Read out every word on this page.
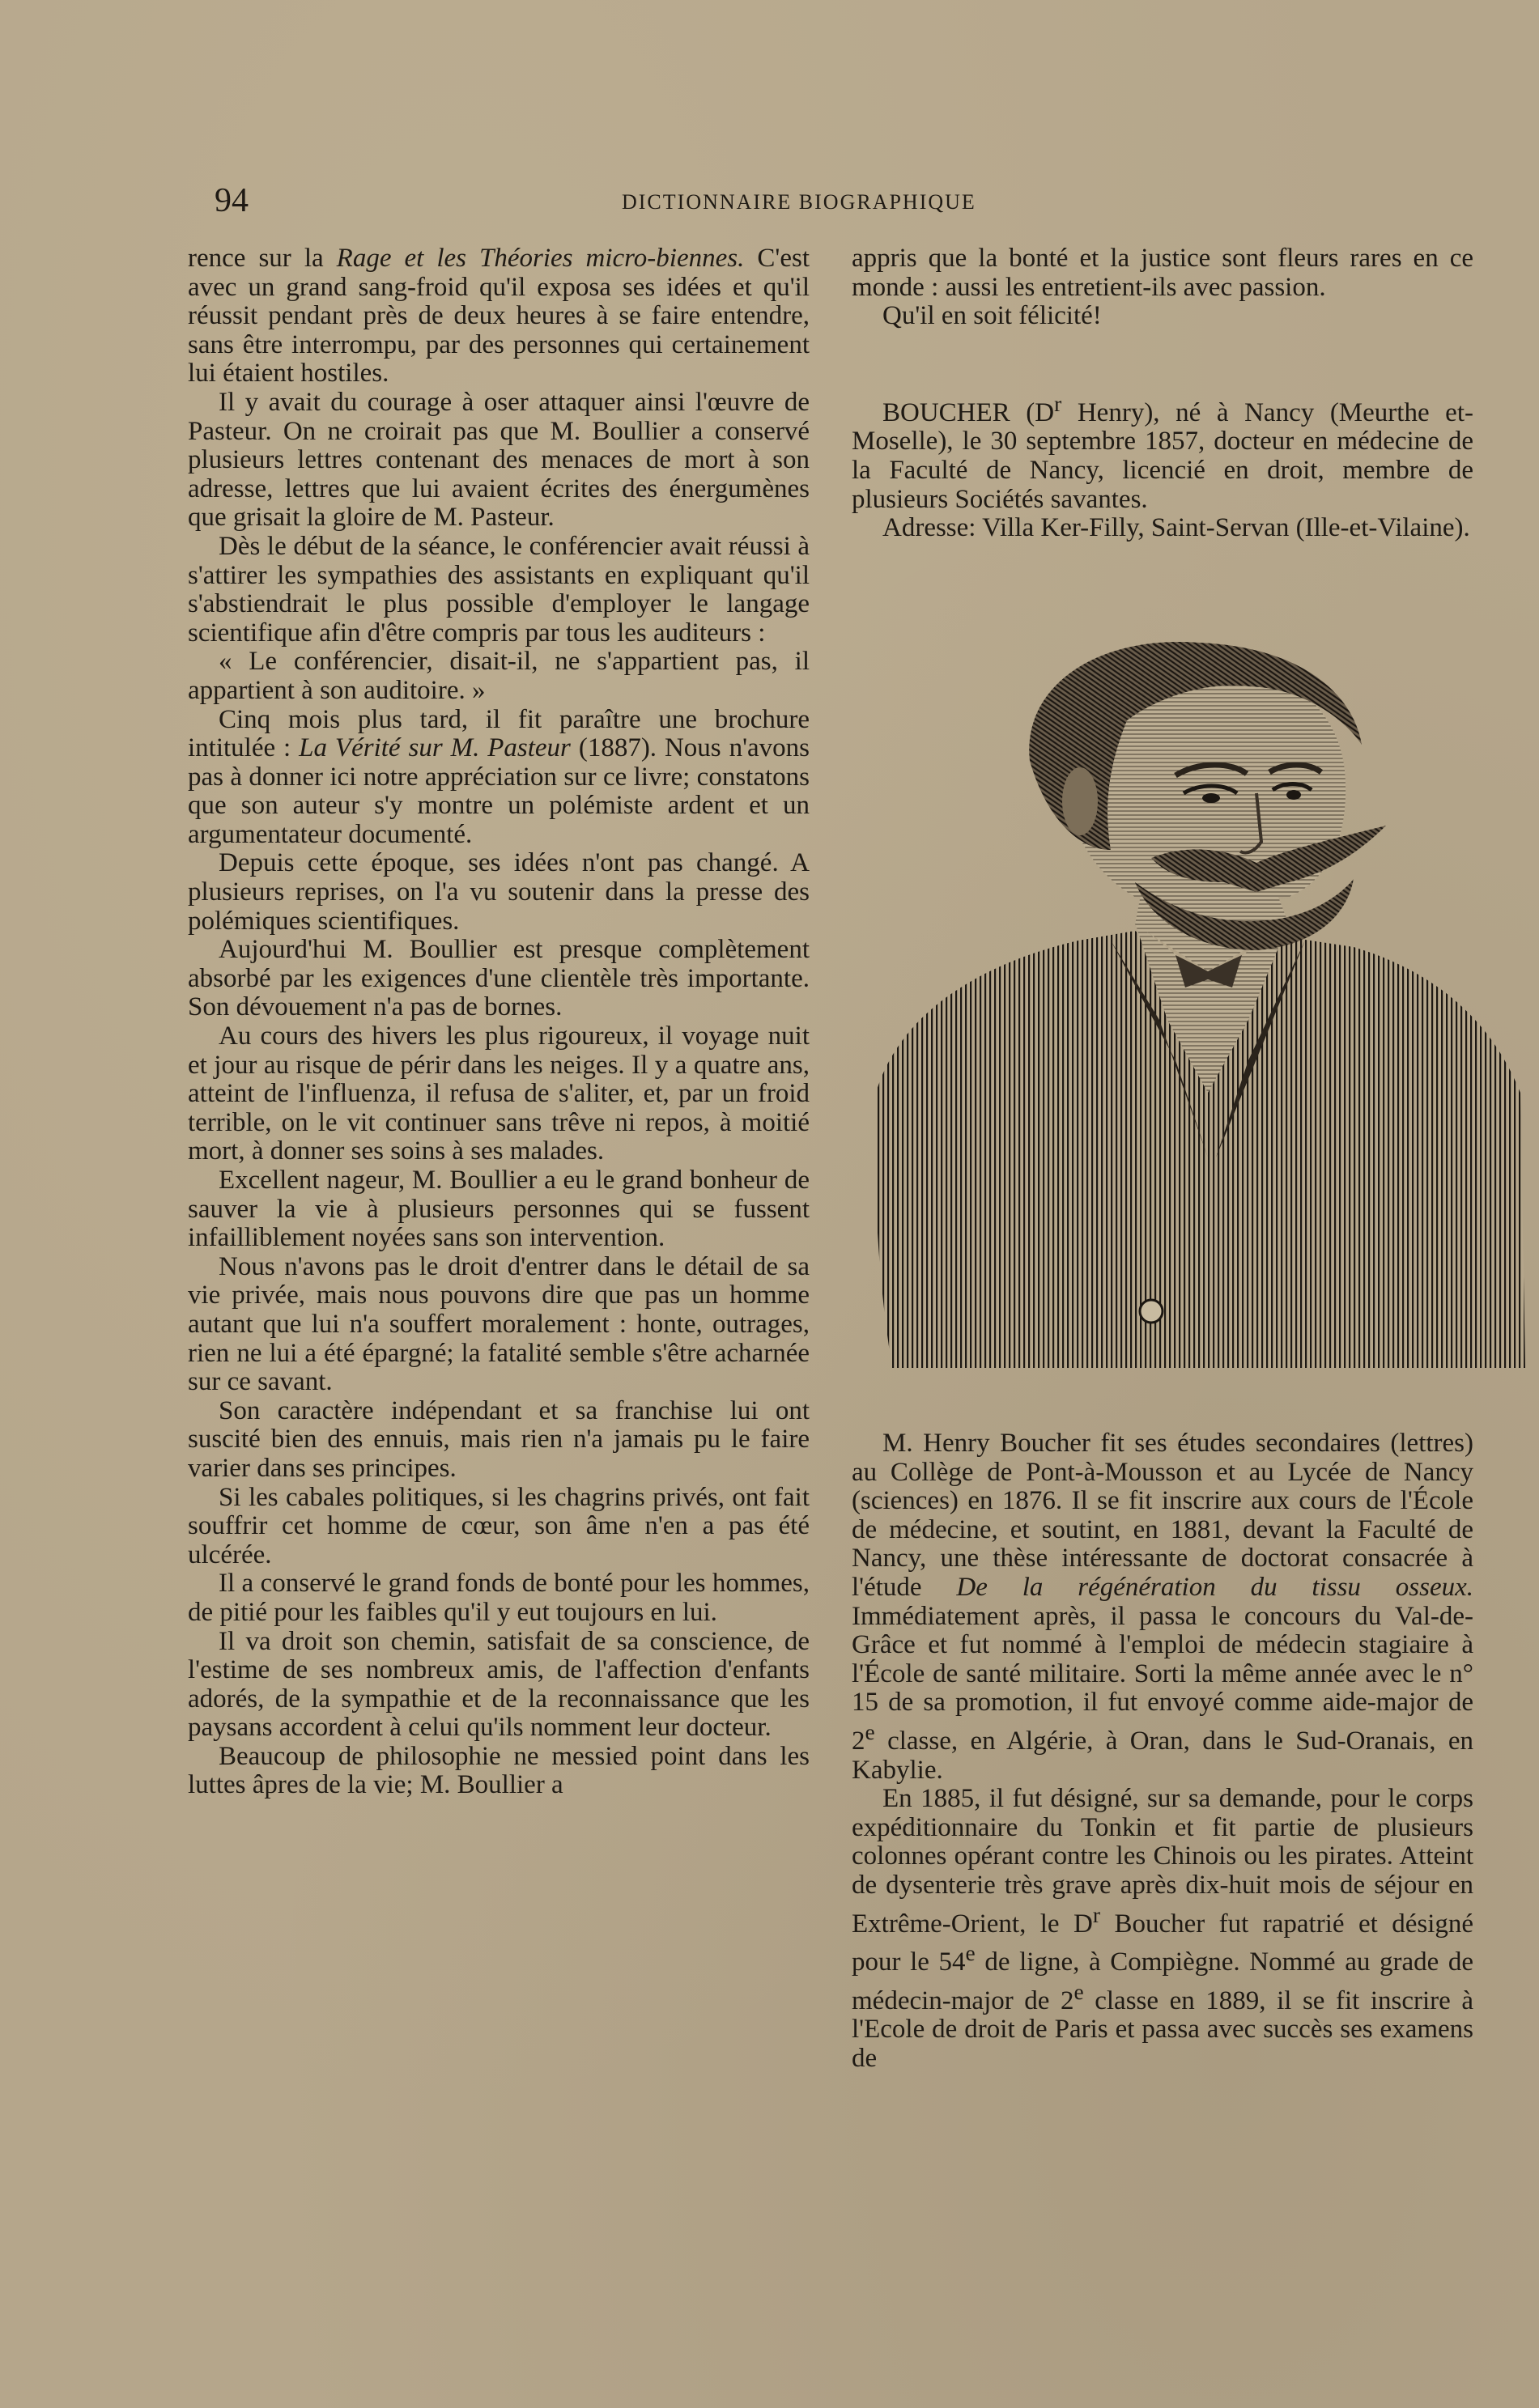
94	DICTIONNAIRE BIOGRAPHIQUE

rence sur la Rage et les Théories micro-biennes. C'est avec un grand sang-froid qu'il exposa ses idées et qu'il réussit pendant près de deux heures à se faire entendre, sans être interrompu, par des personnes qui certainement lui étaient hostiles.

Il y avait du courage à oser attaquer ainsi l'œuvre de Pasteur. On ne croirait pas que M. Boullier a conservé plusieurs lettres contenant des menaces de mort à son adresse, lettres que lui avaient écrites des énergumènes que grisait la gloire de M. Pasteur.

Dès le début de la séance, le conférencier avait réussi à s'attirer les sympathies des assistants en expliquant qu'il s'abstiendrait le plus possible d'employer le langage scientifique afin d'être compris par tous les auditeurs :

« Le conférencier, disait-il, ne s'appartient pas, il appartient à son auditoire. »

Cinq mois plus tard, il fit paraître une brochure intitulée : La Vérité sur M. Pasteur (1887). Nous n'avons pas à donner ici notre appréciation sur ce livre; constatons que son auteur s'y montre un polémiste ardent et un argumentateur documenté.

Depuis cette époque, ses idées n'ont pas changé. A plusieurs reprises, on l'a vu soutenir dans la presse des polémiques scientifiques.

Aujourd'hui M. Boullier est presque complètement absorbé par les exigences d'une clientèle très importante. Son dévouement n'a pas de bornes.

Au cours des hivers les plus rigoureux, il voyage nuit et jour au risque de périr dans les neiges. Il y a quatre ans, atteint de l'influenza, il refusa de s'aliter, et, par un froid terrible, on le vit continuer sans trêve ni repos, à moitié mort, à donner ses soins à ses malades.

Excellent nageur, M. Boullier a eu le grand bonheur de sauver la vie à plusieurs personnes qui se fussent infailliblement noyées sans son intervention.

Nous n'avons pas le droit d'entrer dans le détail de sa vie privée, mais nous pouvons dire que pas un homme autant que lui n'a souffert moralement : honte, outrages, rien ne lui a été épargné; la fatalité semble s'être acharnée sur ce savant.

Son caractère indépendant et sa franchise lui ont suscité bien des ennuis, mais rien n'a jamais pu le faire varier dans ses principes.

Si les cabales politiques, si les chagrins privés, ont fait souffrir cet homme de cœur, son âme n'en a pas été ulcérée.

Il a conservé le grand fonds de bonté pour les hommes, de pitié pour les faibles qu'il y eut toujours en lui.

Il va droit son chemin, satisfait de sa conscience, de l'estime de ses nombreux amis, de l'affection d'enfants adorés, de la sympathie et de la reconnaissance que les paysans accordent à celui qu'ils nomment leur docteur.

Beaucoup de philosophie ne messied point dans les luttes âpres de la vie; M. Boullier a

appris que la bonté et la justice sont fleurs rares en ce monde : aussi les entretient-ils avec passion.

Qu'il en soit félicité!

BOUCHER ($D^r$ Henry), né à Nancy (Meurthe et-Moselle), le 30 septembre 1857, docteur en médecine de la Faculté de Nancy, licencié en droit, membre de plusieurs Sociétés savantes.

Adresse: Villa Ker-Filly, Saint-Servan (Ille-et-Vilaine).

M. Henry Boucher fit ses études secondaires (lettres) au Collège de Pont-à-Mousson et au Lycée de Nancy (sciences) en 1876. Il se fit inscrire aux cours de l'École de médecine, et soutint, en 1881, devant la Faculté de Nancy, une thèse intéressante de doctorat consacrée à l'étude De la régénération du tissu osseux. Immédiatement après, il passa le concours du Val-de-Grâce et fut nommé à l'emploi de médecin stagiaire à l'École de santé militaire. Sorti la même année avec le n° 15 de sa promotion, il fut envoyé comme aide-major de 2e classe, en Algérie, à Oran, dans le Sud-Oranais, en Kabylie.

En 1885, il fut désigné, sur sa demande, pour le corps expéditionnaire du Tonkin et fit partie de plusieurs colonnes opérant contre les Chinois ou les pirates. Atteint de dysenterie très grave après dix-huit mois de séjour en Extrême-Orient, le $D^r$ Boucher fut rapatrié et désigné pour le 54e de ligne, à Compiègne. Nommé au grade de médecin-major de 2e classe en 1889, il se fit inscrire à l'Ecole de droit de Paris et passa avec succès ses examens de
